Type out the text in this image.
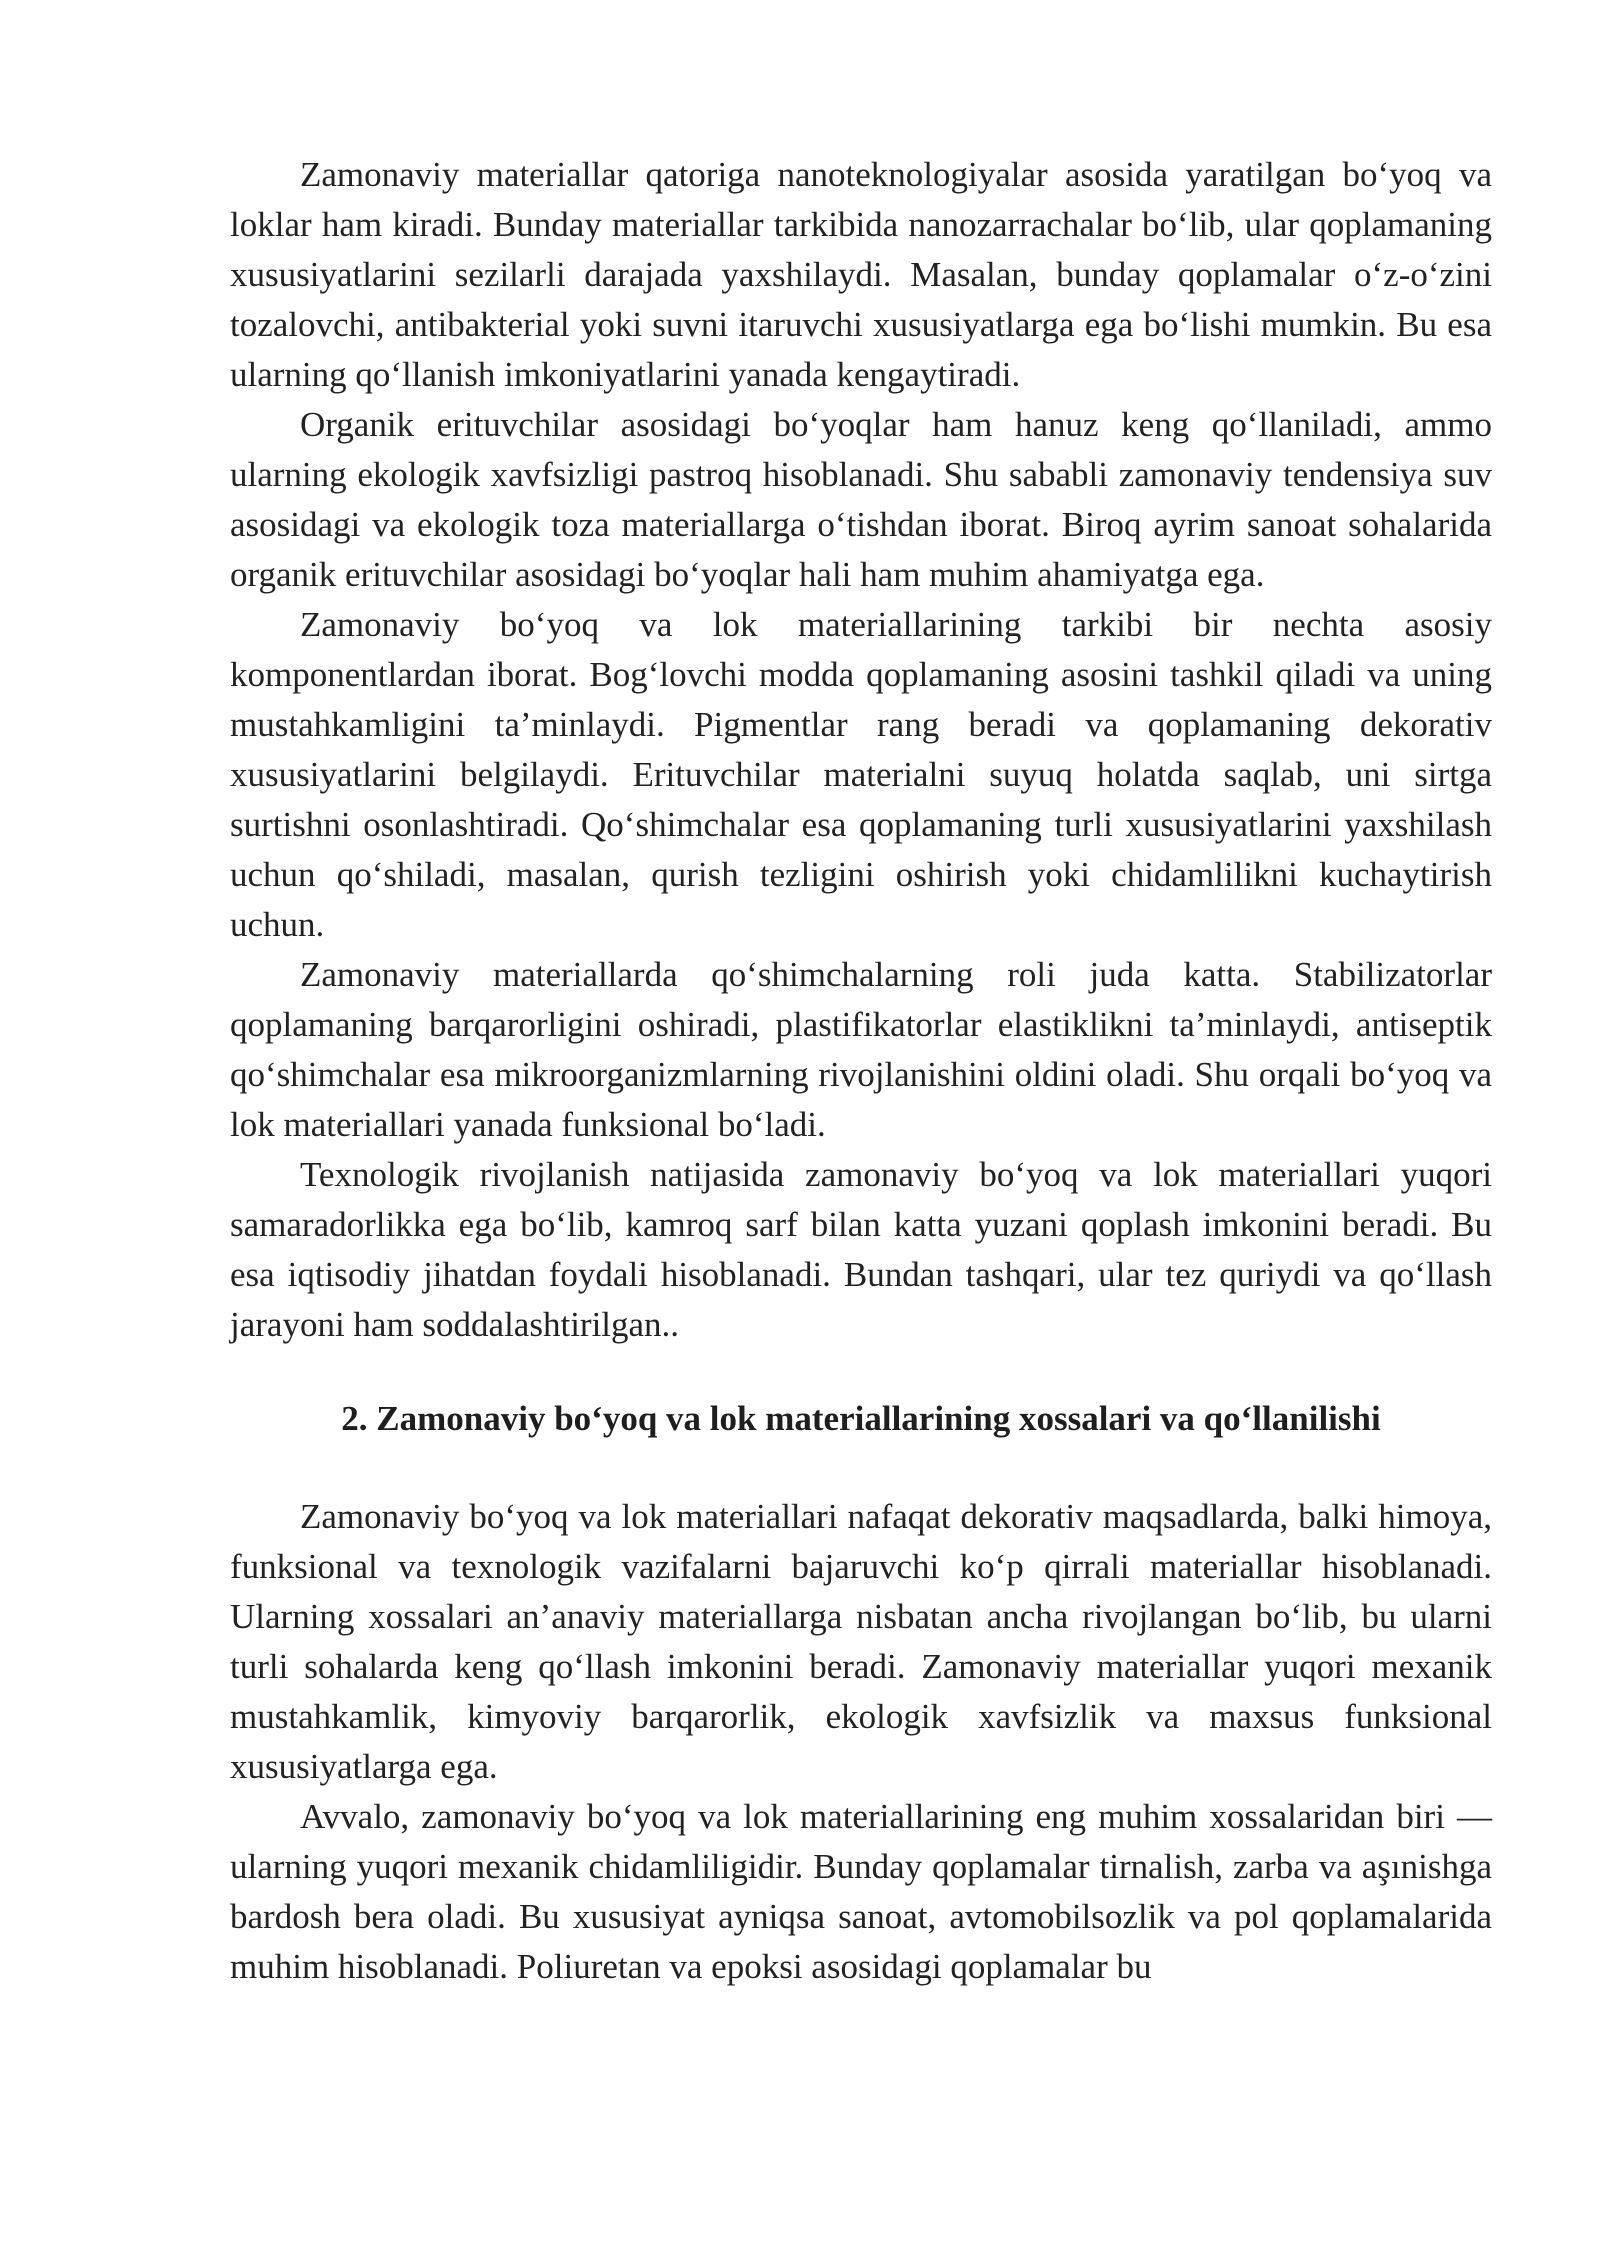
Zamonaviy materiallar qatoriga nanoteknologiyalar asosida yaratilgan bo‘yoq va loklar ham kiradi. Bunday materiallar tarkibida nanozarrachalar bo‘lib, ular qoplamaning xususiyatlarini sezilarli darajada yaxshilaydi. Masalan, bunday qoplamalar o‘z-o‘zini tozalovchi, antibakterial yoki suvni itaruvchi xususiyatlarga ega bo‘lishi mumkin. Bu esa ularning qo‘llanish imkoniyatlarini yanada kengaytiradi.

Organik erituvchilar asosidagi bo‘yoqlar ham hanuz keng qo‘llaniladi, ammo ularning ekologik xavfsizligi pastroq hisoblanadi. Shu sababli zamonaviy tendensiya suv asosidagi va ekologik toza materiallarga o‘tishdan iborat. Biroq ayrim sanoat sohalarida organik erituvchilar asosidagi bo‘yoqlar hali ham muhim ahamiyatga ega.

Zamonaviy bo‘yoq va lok materiallarining tarkibi bir nechta asosiy komponentlardan iborat. Bog‘lovchi modda qoplamaning asosini tashkil qiladi va uning mustahkamligini ta’minlaydi. Pigmentlar rang beradi va qoplamaning dekorativ xususiyatlarini belgilaydi. Erituvchilar materialni suyuq holatda saqlab, uni sirtga surtishni osonlashtiradi. Qo‘shimchalar esa qoplamaning turli xususiyatlarini yaxshilash uchun qo‘shiladi, masalan, qurish tezligini oshirish yoki chidamlilikni kuchaytirish uchun.

Zamonaviy materiallarda qo‘shimchalarning roli juda katta. Stabilizatorlar qoplamaning barqarorligini oshiradi, plastifikatorlar elastiklikni ta’minlaydi, antiseptik qo‘shimchalar esa mikroorganizmlarning rivojlanishini oldini oladi. Shu orqali bo‘yoq va lok materiallari yanada funksional bo‘ladi.

Texnologik rivojlanish natijasida zamonaviy bo‘yoq va lok materiallari yuqori samaradorlikka ega bo‘lib, kamroq sarf bilan katta yuzani qoplash imkonini beradi. Bu esa iqtisodiy jihatdan foydali hisoblanadi. Bundan tashqari, ular tez quriydi va qo‘llash jarayoni ham soddalashtirilgan..

2. Zamonaviy bo‘yoq va lok materiallarining xossalari va qo‘llanilishi

Zamonaviy bo‘yoq va lok materiallari nafaqat dekorativ maqsadlarda, balki himoya, funksional va texnologik vazifalarni bajaruvchi ko‘p qirrali materiallar hisoblanadi. Ularning xossalari an’anaviy materiallarga nisbatan ancha rivojlangan bo‘lib, bu ularni turli sohalarda keng qo‘llash imkonini beradi. Zamonaviy materiallar yuqori mexanik mustahkamlik, kimyoviy barqarorlik, ekologik xavfsizlik va maxsus funksional xususiyatlarga ega.

Avvalo, zamonaviy bo‘yoq va lok materiallarining eng muhim xossalaridan biri — ularning yuqori mexanik chidamliligidir. Bunday qoplamalar tirnalish, zarba va aşınishga bardosh bera oladi. Bu xususiyat ayniqsa sanoat, avtomobilsozlik va pol qoplamalarida muhim hisoblanadi. Poliuretan va epoksi asosidagi qoplamalar bu
